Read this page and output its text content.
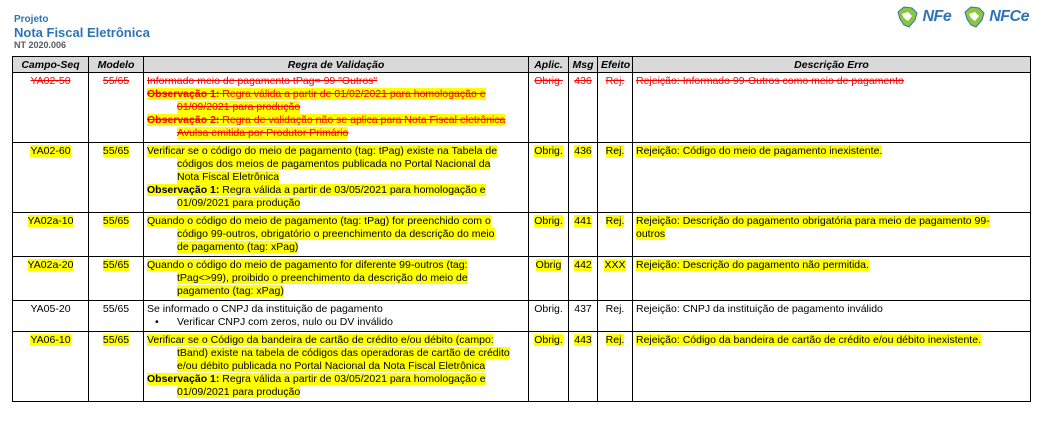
Projeto
Nota Fiscal Eletrônica
NT 2020.006
NFe NFCe
Campo-Seq	Modelo	Regra de Validação	Aplic.	Msg	Efeito	Descrição Erro
YA02-50	55/65	Informado meio de pagamento tPag= 99 "Outros"
Observação 1: Regra válida a partir de 01/02/2021 para homologação e
01/09/2021 para produção
Observação 2: Regra de validação não se aplica para Nota Fiscal eletrônica
Avulsa emitida por Produtor Primário	Obrig.	436	Rej.	Rejeição: Informado 99-Outros como meio de pagamento
YA02-60	55/65	Verificar se o código do meio de pagamento (tag: tPag) existe na Tabela de
códigos dos meios de pagamentos publicada no Portal Nacional da
Nota Fiscal Eletrônica
Observação 1: Regra válida a partir de 03/05/2021 para homologação e
01/09/2021 para produção	Obrig.	436	Rej.	Rejeição: Código do meio de pagamento inexistente.
YA02a-10	55/65	Quando o código do meio de pagamento (tag: tPag) for preenchido com o
código 99-outros, obrigatório o preenchimento da descrição do meio
de pagamento (tag: xPag)	Obrig.	441	Rej.	Rejeição: Descrição do pagamento obrigatória para meio de pagamento 99-
outros

YA02a-20	55/65	Quando o código do meio de pagamento for diferente 99-outros (tag:
tPag<>99), proibido o preenchimento da descrição do meio de
pagamento (tag: xPag)	Obrig	442	XXX	Rejeição: Descrição do pagamento não permitida.
YA05-20	55/65	Se informado o CNPJ da instituição de pagamento
• Verificar CNPJ com zeros, nulo ou DV inválido	Obrig.	437	Rej.	Rejeição: CNPJ da instituição de pagamento inválido
YA06-10	55/65	Verificar se o Código da bandeira de cartão de crédito e/ou débito (campo:
tBand) existe na tabela de códigos das operadoras de cartão de crédito
e/ou débito publicada no Portal Nacional da Nota Fiscal Eletrônica
Observação 1: Regra válida a partir de 03/05/2021 para homologação e
01/09/2021 para produção	Obrig.	443	Rej.	Rejeição: Código da bandeira de cartão de crédito e/ou débito inexistente.
